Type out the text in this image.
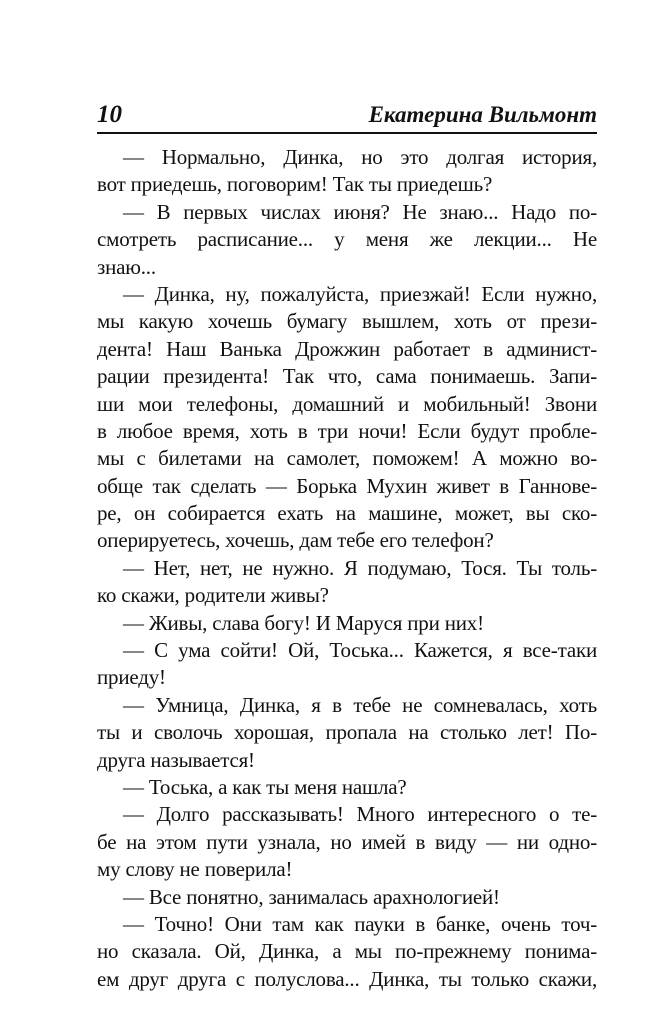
10	Екатерина Вильмонт
— Нормально, Динка, но это долгая история,
вот приедешь, поговорим! Так ты приедешь?
— В первых числах июня? Не знаю... Надо по-
смотреть расписание... у меня же лекции... Не
знаю...
— Динка, ну, пожалуйста, приезжай! Если нужно,
мы какую хочешь бумагу вышлем, хоть от прези-
дента! Наш Ванька Дрожжин работает в админист-
рации президента! Так что, сама понимаешь. Запи-
ши мои телефоны, домашний и мобильный! Звони
в любое время, хоть в три ночи! Если будут пробле-
мы с билетами на самолет, поможем! А можно во-
обще так сделать — Борька Мухин живет в Ганнове-
ре, он собирается ехать на машине, может, вы ско-
оперируетесь, хочешь, дам тебе его телефон?
— Нет, нет, не нужно. Я подумаю, Тося. Ты толь-
ко скажи, родители живы?
— Живы, слава богу! И Маруся при них!
— С ума сойти! Ой, Тоська... Кажется, я все-таки
приеду!
— Умница, Динка, я в тебе не сомневалась, хоть
ты и сволочь хорошая, пропала на столько лет! По-
друга называется!
— Тоська, а как ты меня нашла?
— Долго рассказывать! Много интересного о те-
бе на этом пути узнала, но имей в виду — ни одно-
му слову не поверила!
— Все понятно, занималась арахнологией!
— Точно! Они там как пауки в банке, очень точ-
но сказала. Ой, Динка, а мы по-прежнему понима-
ем друг друга с полуслова... Динка, ты только скажи,
